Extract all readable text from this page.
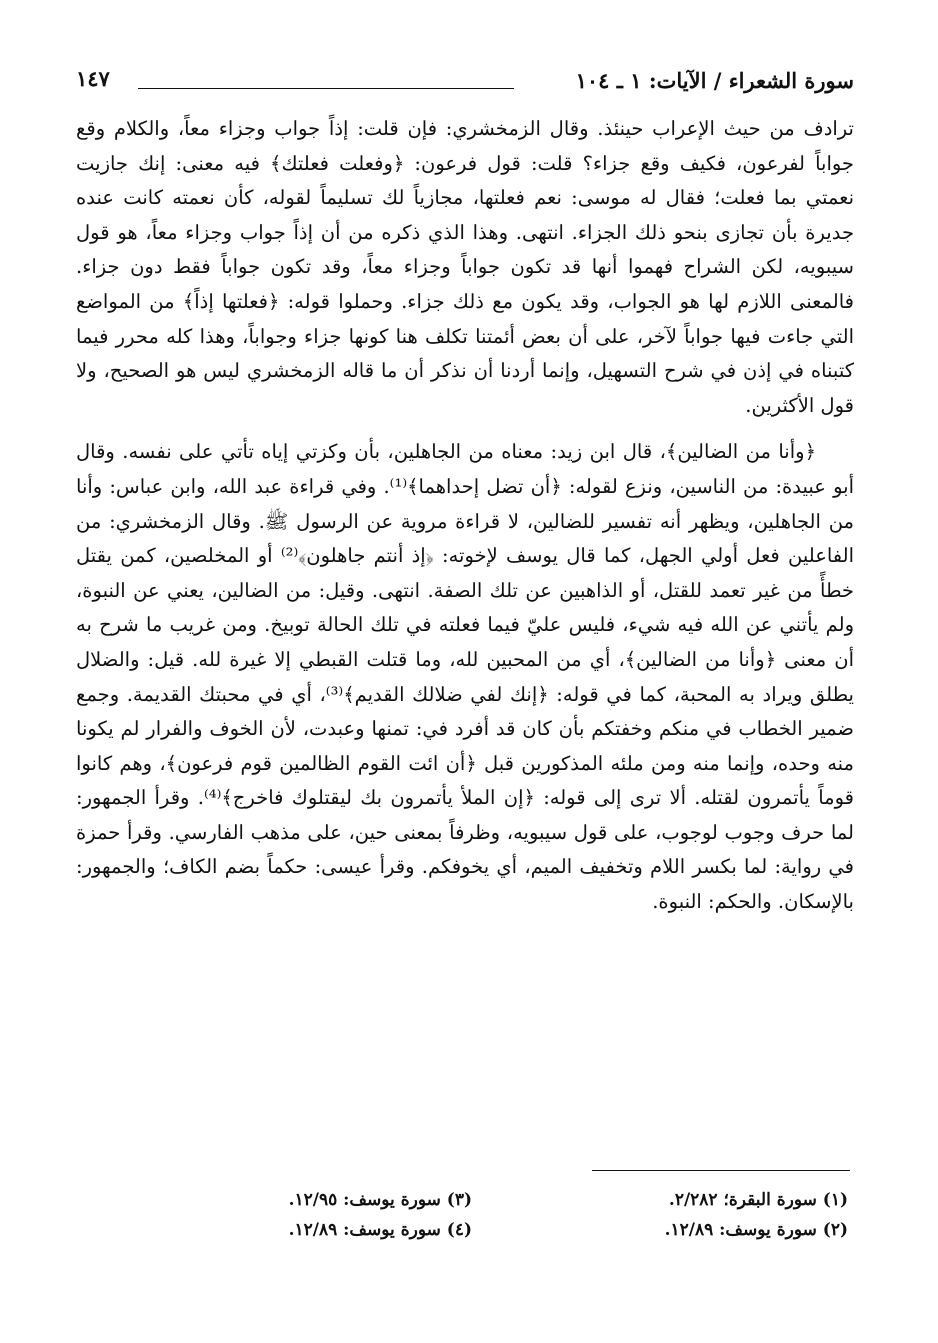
سورة الشعراء / الآيات: ١ ـ ١٠٤
١٤٧

ترادف من حيث الإعراب حينئذ. وقال الزمخشري: فإن قلت: إذاً جواب وجزاء معاً، والكلام وقع جواباً لفرعون، فكيف وقع جزاء؟ قلت: قول فرعون: ﴿وفعلت فعلتك﴾ فيه معنى: إنك جازيت نعمتي بما فعلت؛ فقال له موسى: نعم فعلتها، مجازياً لك تسليماً لقوله، كأن نعمته كانت عنده جديرة بأن تجازى بنحو ذلك الجزاء. انتهى. وهذا الذي ذكره من أن إذاً جواب وجزاء معاً، هو قول سيبويه، لكن الشراح فهموا أنها قد تكون جواباً وجزاء معاً، وقد تكون جواباً فقط دون جزاء. فالمعنى اللازم لها هو الجواب، وقد يكون مع ذلك جزاء. وحملوا قوله: ﴿فعلتها إذاً﴾ من المواضع التي جاءت فيها جواباً لآخر، على أن بعض أئمتنا تكلف هنا كونها جزاء وجواباً، وهذا كله محرر فيما كتبناه في إذن في شرح التسهيل، وإنما أردنا أن نذكر أن ما قاله الزمخشري ليس هو الصحيح، ولا قول الأكثرين.

﴿وأنا من الضالين﴾، قال ابن زيد: معناه من الجاهلين، بأن وكزتي إياه تأتي على نفسه. وقال أبو عبيدة: من الناسين، ونزع لقوله: ﴿أن تضل إحداهما﴾⁽¹⁾. وفي قراءة عبد الله، وابن عباس: وأنا من الجاهلين، ويظهر أنه تفسير للضالين، لا قراءة مروية عن الرسول ﷺ. وقال الزمخشري: من الفاعلين فعل أولي الجهل، كما قال يوسف لإخوته: ﴿إذ أنتم جاهلون﴾⁽²⁾ أو المخلصين، كمن يقتل خطأً من غير تعمد للقتل، أو الذاهبين عن تلك الصفة. انتهى. وقيل: من الضالين، يعني عن النبوة، ولم يأتني عن الله فيه شيء، فليس عليّ فيما فعلته في تلك الحالة توبيخ. ومن غريب ما شرح به أن معنى ﴿وأنا من الضالين﴾، أي من المحبين لله، وما قتلت القبطي إلا غيرة لله. قيل: والضلال يطلق ويراد به المحبة، كما في قوله: ﴿إنك لفي ضلالك القديم﴾⁽³⁾، أي في محبتك القديمة. وجمع ضمير الخطاب في منكم وخفتكم بأن كان قد أفرد في: تمنها وعبدت، لأن الخوف والفرار لم يكونا منه وحده، وإنما منه ومن ملئه المذكورين قبل ﴿أن ائت القوم الظالمين قوم فرعون﴾، وهم كانوا قوماً يأتمرون لقتله. ألا ترى إلى قوله: ﴿إن الملأ يأتمرون بك ليقتلوك فاخرج﴾⁽⁴⁾. وقرأ الجمهور: لما حرف وجوب لوجوب، على قول سيبويه، وظرفاً بمعنى حين، على مذهب الفارسي. وقرأ حمزة في رواية: لما بكسر اللام وتخفيف الميم، أي يخوفكم. وقرأ عيسى: حكماً بضم الكاف؛ والجمهور: بالإسكان. والحكم: النبوة.

(١) سورة البقرة؛ ٢/٢٨٢.
(٢) سورة يوسف: ١٢/٨٩.
(٣) سورة يوسف: ١٢/٩٥.
(٤) سورة يوسف: ١٢/٨٩.
